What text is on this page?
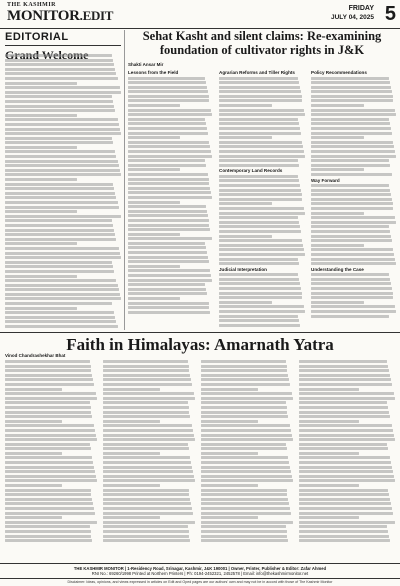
THE KASHMIR
MONITOR.EDIT	FRIDAY
JULY 04, 2025 5
EDITORIAL	Sehat Kasht and silent claims: Re-examining foundation of cultivator rights in J&K
Shakti Ansar Mir
Lessons from the Field	Agrarian Reforms and Tiller Rights
Contemporary Land Records
Judicial Interpretation
Policy Recommendations
Way Forward
Understanding the Case
Faith in Himalayas: Amarnath Yatra
Vinod Chandrashekhar Bhat
THE KASHMIR MONITOR | 1-Residency Road, Srinagar, Kashmir, J&K 190001 | Owner, Printer, Publisher & Editor: Zafar Ahmed
RNI No.: 69260/1998 Printed at Northern Printers | Ph: 0194-2452321, 2452578 | Email: info@thekashmirmonitor.net
Disclaimer: Ideas, opinions, and views expressed in articles on Edit and Oped pages are our authors' own and may not be in accord with those of The Kashmir Monitor
